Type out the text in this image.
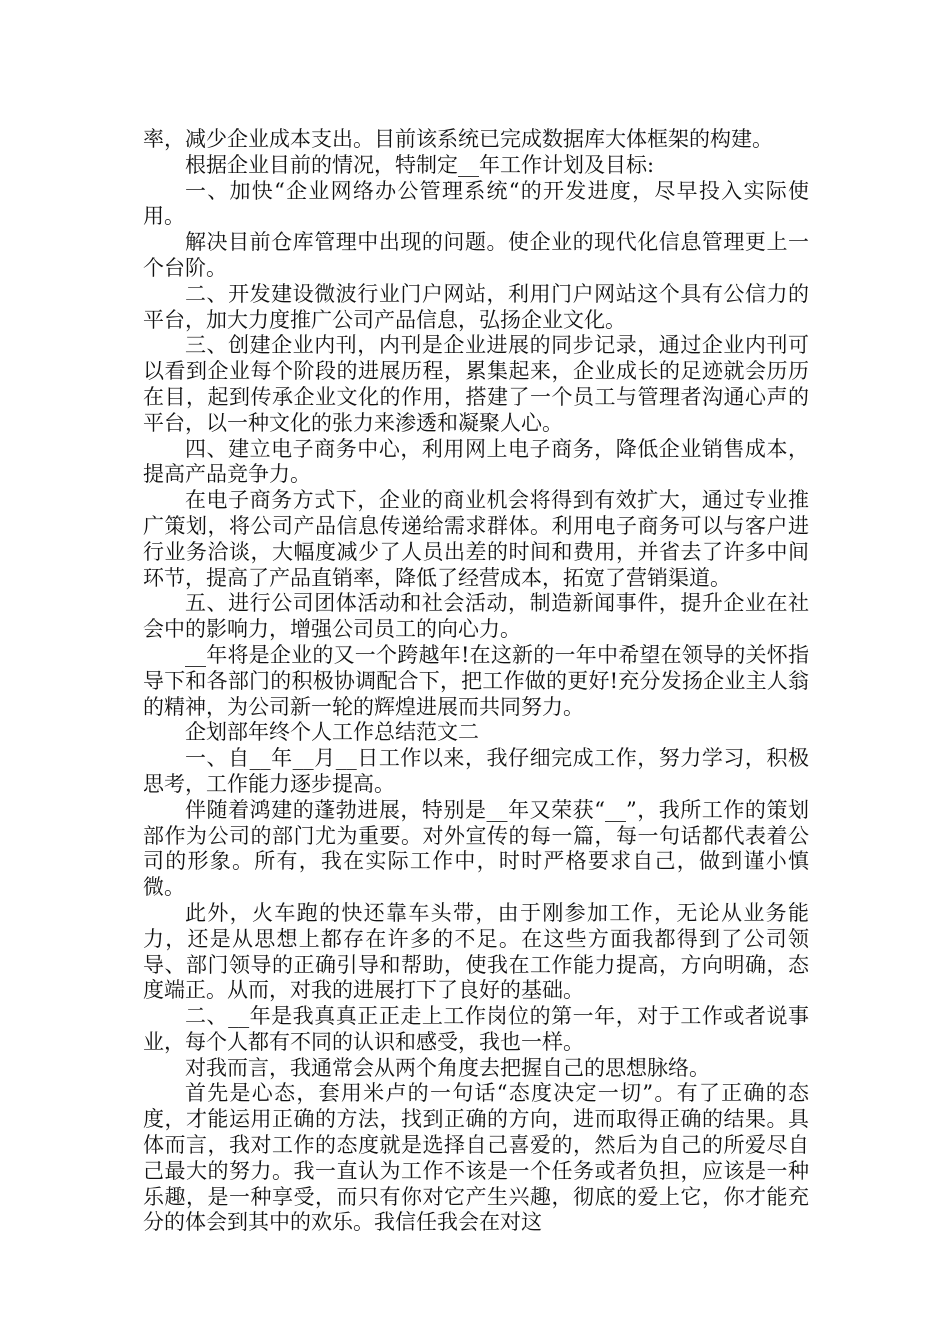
率，减少企业成本支出。目前该系统已完成数据库大体框架的构建。

根据企业目前的情况，特制定__年工作计划及目标:

一、加快“企业网络办公管理系统“的开发进度，尽早投入实际使用。

解决目前仓库管理中出现的问题。使企业的现代化信息管理更上一个台阶。

二、开发建设微波行业门户网站，利用门户网站这个具有公信力的平台，加大力度推广公司产品信息，弘扬企业文化。

三、创建企业内刊，内刊是企业进展的同步记录，通过企业内刊可以看到企业每个阶段的进展历程，累集起来，企业成长的足迹就会历历在目，起到传承企业文化的作用，搭建了一个员工与管理者沟通心声的平台，以一种文化的张力来渗透和凝聚人心。

四、建立电子商务中心，利用网上电子商务，降低企业销售成本，提高产品竞争力。

在电子商务方式下，企业的商业机会将得到有效扩大，通过专业推广策划，将公司产品信息传递给需求群体。利用电子商务可以与客户进行业务洽谈，大幅度减少了人员出差的时间和费用，并省去了许多中间环节，提高了产品直销率，降低了经营成本，拓宽了营销渠道。

五、进行公司团体活动和社会活动，制造新闻事件，提升企业在社会中的影响力，增强公司员工的向心力。

__年将是企业的又一个跨越年!在这新的一年中希望在领导的关怀指导下和各部门的积极协调配合下，把工作做的更好!充分发扬企业主人翁的精神，为公司新一轮的辉煌进展而共同努力。

企划部年终个人工作总结范文二

一、自__年__月__日工作以来，我仔细完成工作，努力学习，积极思考，工作能力逐步提高。

伴随着鸿建的蓬勃进展，特别是__年又荣获“__”，我所工作的策划部作为公司的部门尤为重要。对外宣传的每一篇，每一句话都代表着公司的形象。所有，我在实际工作中，时时严格要求自己，做到谨小慎微。

此外，火车跑的快还靠车头带，由于刚参加工作，无论从业务能力，还是从思想上都存在许多的不足。在这些方面我都得到了公司领导、部门领导的正确引导和帮助，使我在工作能力提高，方向明确，态度端正。从而，对我的进展打下了良好的基础。

二、__年是我真真正正走上工作岗位的第一年，对于工作或者说事业，每个人都有不同的认识和感受，我也一样。

对我而言，我通常会从两个角度去把握自己的思想脉络。

首先是心态，套用米卢的一句话“态度决定一切”。有了正确的态度，才能运用正确的方法，找到正确的方向，进而取得正确的结果。具体而言，我对工作的态度就是选择自己喜爱的，然后为自己的所爱尽自己最大的努力。我一直认为工作不该是一个任务或者负担，应该是一种乐趣，是一种享受，而只有你对它产生兴趣，彻底的爱上它，你才能充分的体会到其中的欢乐。我信任我会在对这
